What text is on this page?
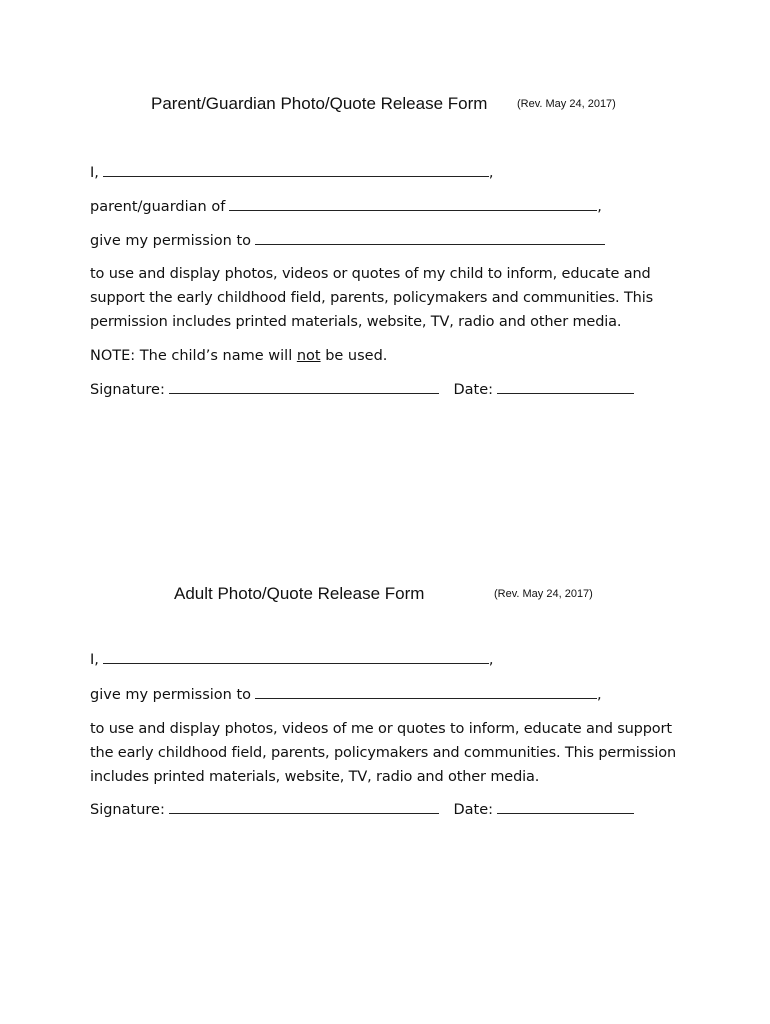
Parent/Guardian Photo/Quote Release Form	(Rev. May 24, 2017)
I,	,
parent/guardian of	,
give my permission to
to use and display photos, videos or quotes of my child to inform, educate and
support the early childhood field, parents, policymakers and communities. This
permission includes printed materials, website, TV, radio and other media.
NOTE: The child’s name will not be used.
Signature:	Date:
Adult Photo/Quote Release Form	(Rev. May 24, 2017)
I,	,
give my permission to	,
to use and display photos, videos of me or quotes to inform, educate and support
the early childhood field, parents, policymakers and communities. This permission
includes printed materials, website, TV, radio and other media.
Signature:	Date:
